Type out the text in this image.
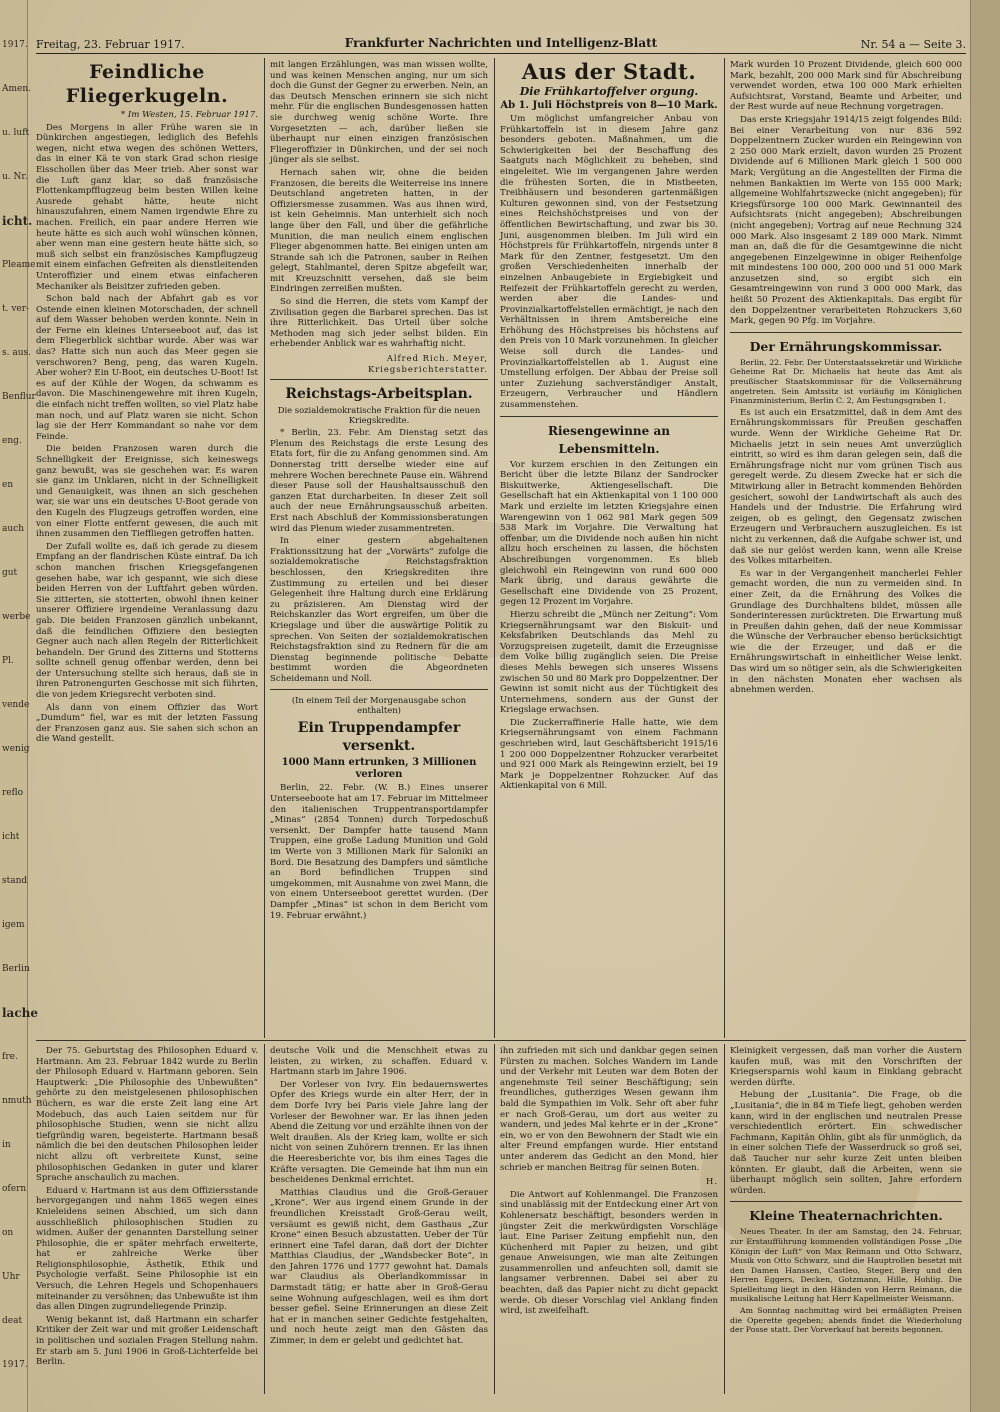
1917.
Amen.
u. luft
u. Nr.
icht.
Pleame
t. ver-
s. aus.
Benflur
eng.
en
auch
gut
werbe
Pl.
vende
wenig
reflo
icht
stand
igem
Berlin
lache
fre.
nmuth
in
ofern
on
Uhr
deat
1917.
Freitag, 23. Februar 1917.	Frankfurter Nachrichten und Intelligenz-Blatt	Nr. 54 a — Seite 3.
Feindliche Fliegerkugeln.
* Im Westen, 15. Februar 1917.

Des Morgens in aller Frühe waren sie in Dünkirchen angestiegen, lediglich des Befehls wegen, nicht etwa wegen des schönen Wetters, das in einer Kä te von stark Grad schon riesige Eisschollen über das Meer trieb. Aber sonst war die Luft ganz klar, so daß französische Flottenkampfflugzeug beim besten Willen keine Ausrede gehabt hätte, heute nicht hinauszufahren, einem Namen irgendwie Ehre zu machen. Freilich, ein paar andere Herren wie heute hätte es sich auch wohl wünschen können, aber wenn man eine gestern heute hätte sich, so muß sich selbst ein französisches Kampflugzeug mit einem einfachen Gefreiten als dienstleitenden Unteroffizier und einem etwas einfacheren Mechaniker als Beisitzer zufrieden geben.

Schon bald nach der Abfahrt gab es vor Ostende einen kleinen Motorschaden, der schnell auf dem Wasser behoben werden konnte. Nein in der Ferne ein kleines Unterseeboot auf, das ist dem Fliegerblick sichtbar wurde. Aber was war das? Hatte sich nun auch das Meer gegen sie verschworen? Beng, peng, das waren Kugeln. Aber woher? Ein U-Boot, ein deutsches U-Boot! Ist es auf der Kühle der Wogen, da schwamm es davon. Die Maschinengewehre mit ihren Kugeln, die einfach nicht treffen wollten, so viel Platz habe man noch, und auf Platz waren sie nicht. Schon lag sie der Herr Kommandant so nahe vor dem Feinde.

Die beiden Franzosen waren durch die Schnelligkeit der Ereignisse, sich keineswegs ganz bewußt, was sie geschehen war. Es waren sie ganz im Unklaren, nicht in der Schnelligkeit und Genauigkeit, was ihnen an sich geschehen war, sie war uns ein deutsches U-Boot gerade von den Kugeln des Flugzeugs getroffen worden, eine von einer Flotte entfernt gewesen, die auch mit ihnen zusammen den Tieffliegen getroffen hatten.

Der Zufall wollte es, daß ich gerade zu diesem Empfang an der flandrischen Küste eintraf. Da ich schon manchen frischen Kriegsgefangenen gesehen habe, war ich gespannt, wie sich diese beiden Herren von der Luftfahrt geben würden. Sie zitterten, sie stotterten, obwohl ihnen keiner unserer Offiziere irgendeine Veranlassung dazu gab. Die beiden Franzosen gänzlich unbekannt, daß die feindlichen Offiziere den besiegten Gegner auch nach allen Regeln der Ritterlichkeit behandeln. Der Grund des Zitterns und Stotterns sollte schnell genug offenbar werden, denn bei der Untersuchung stellte sich heraus, daß sie in ihren Patronengurten Geschosse mit sich führten, die von jedem Kriegsrecht verboten sind.

Als dann von einem Offizier das Wort „Dumdum“ fiel, war es mit der letzten Fassung der Franzosen ganz aus. Sie sahen sich schon an die Wand gestellt.

mit langen Erzählungen, was man wissen wollte, und was keinen Menschen anging, nur um sich doch die Gunst der Gegner zu erwerben. Nein, an das Deutsch Menschen erinnern sie sich nicht mehr. Für die englischen Bundesgenossen hatten sie durchweg wenig schöne Worte. Ihre Vorgesetzten — ach, darüber ließen sie überhaupt nur einen einzigen französischen Fliegeroffizier in Dünkirchen, und der sei noch jünger als sie selbst.

Hernach sahen wir, ohne die beiden Franzosen, die bereits die Weiterreise ins innere Deutschland angetreten hatten, in der Offiziersmesse zusammen. Was aus ihnen wird, ist kein Geheimnis. Man unterhielt sich noch lange über den Fall, und über die gefährliche Munition, die man neulich einem englischen Flieger abgenommen hatte. Bei einigen unten am Strande sah ich die Patronen, sauber in Reihen gelegt, Stahlmantel, deren Spitze abgefeilt war, mit Kreuzschnitt versehen, daß sie beim Eindringen zerreißen mußten.

So sind die Herren, die stets vom Kampf der Zivilisation gegen die Barbarei sprechen. Das ist ihre Ritterlichkeit. Das Urteil über solche Methoden mag sich jeder selbst bilden. Ein erhebender Anblick war es wahrhaftig nicht.

Alfred Rich. Meyer, Kriegsberichterstatter.
Reichstags-Arbeitsplan.
Die sozialdemokratische Fraktion für die neuen Kriegskredite.

* Berlin, 23. Febr. Am Dienstag setzt das Plenum des Reichstags die erste Lesung des Etats fort, für die zu Anfang genommen sind. Am Donnerstag tritt derselbe wieder eine auf mehrere Wochen berechnete Pause ein. Während dieser Pause soll der Haushaltsausschuß den ganzen Etat durcharbeiten. In dieser Zeit soll auch der neue Ernährungsausschuß arbeiten. Erst nach Abschluß der Kommissionsberatungen wird das Plenum wieder zusammentreten.

In einer gestern abgehaltenen Fraktionssitzung hat der „Vorwärts“ zufolge die sozialdemokratische Reichstagsfraktion beschlossen, den Kriegskrediten ihre Zustimmung zu erteilen und bei dieser Gelegenheit ihre Haltung durch eine Erklärung zu präzisieren. Am Dienstag wird der Reichskanzler das Wort ergreifen, um über die Kriegslage und über die auswärtige Politik zu sprechen. Von Seiten der sozialdemokratischen Reichstagsfraktion sind zu Rednern für die am Dienstag beginnende politische Debatte bestimmt worden die Abgeordneten Scheidemann und Noll.

(In einem Teil der Morgenausgabe schon enthalten)
Ein Truppendampfer versenkt.
1000 Mann ertrunken, 3 Millionen verloren

Berlin, 22. Febr. (W. B.) Eines unserer Unterseeboote hat am 17. Februar im Mittelmeer den italienischen Truppentransportdampfer „Minas“ (2854 Tonnen) durch Torpedoschuß versenkt. Der Dampfer hatte tausend Mann Truppen, eine große Ladung Munition und Gold im Werte von 3 Millionen Mark für Saloniki an Bord. Die Besatzung des Dampfers und sämtliche an Bord befindlichen Truppen sind umgekommen, mit Ausnahme von zwei Mann, die von einem Unterseeboot gerettet wurden. (Der Dampfer „Minas“ ist schon in dem Bericht vom 19. Februar erwähnt.)

Aus der Stadt.
Die Frühkartoffelver orgung.
Ab 1. Juli Höchstpreis von 8—10 Mark.

Um möglichst umfangreicher Anbau von Frühkartoffeln ist in diesem Jahre ganz besonders geboten. Maßnahmen, um die Schwierigkeiten bei der Beschaffung des Saatguts nach Möglichkeit zu beheben, sind eingeleitet. Wie im vergangenen Jahre werden die frühesten Sorten, die in Mistbeeten, Treibhäusern und besonderen gartenmäßigen Kulturen gewonnen sind, von der Festsetzung eines Reichshöchstpreises und von der öffentlichen Bewirtschaftung, und zwar bis 30. Juni, ausgenommen bleiben. Im Juli wird ein Höchstpreis für Frühkartoffeln, nirgends unter 8 Mark für den Zentner, festgesetzt. Um den großen Verschiedenheiten innerhalb der einzelnen Anbaugebiete in Ergiebigkeit und Reifezeit der Frühkartoffeln gerecht zu werden, werden aber die Landes- und Provinzialkartoffelstellen ermächtigt, je nach den Verhältnissen in ihrem Amtsbereiche eine Erhöhung des Höchstpreises bis höchstens auf den Preis von 10 Mark vorzunehmen. In gleicher Weise soll durch die Landes- und Provinzialkartoffelstellen ab 1. August eine Umstellung erfolgen. Der Abbau der Preise soll unter Zuziehung sachverständiger Anstalt, Erzeugern, Verbraucher und Händlern zusammenstehen.

Riesengewinne an Lebensmitteln.

Vor kurzem erschien in den Zeitungen ein Bericht über die letzte Bilanz der Sandrocker Biskuitwerke, Aktiengesellschaft. Die Gesellschaft hat ein Aktienkapital von 1 100 000 Mark und erzielte im letzten Kriegsjahre einen Warengewinn von 1 062 981 Mark gegen 509 538 Mark im Vorjahre. Die Verwaltung hat offenbar, um die Dividende noch außen hin nicht allzu hoch erscheinen zu lassen, die höchsten Abschreibungen vorgenommen. Es blieb gleichwohl ein Reingewinn von rund 600 000 Mark übrig, und daraus gewährte die Gesellschaft eine Dividende von 25 Prozent, gegen 12 Prozent im Vorjahre.

Hierzu schreibt die „Münch ner Zeitung“: Vom Kriegsernährungsamt war den Biskuit- und Keksfabriken Deutschlands das Mehl zu Vorzugspreisen zugeteilt, damit die Erzeugnisse dem Volke billig zugänglich seien. Die Preise dieses Mehls bewegen sich unseres Wissens zwischen 50 und 80 Mark pro Doppelzentner. Der Gewinn ist somit nicht aus der Tüchtigkeit des Unternehmens, sondern aus der Gunst der Kriegslage erwachsen.

Die Zuckerraffinerie Halle hatte, wie dem Kriegsernährungsamt von einem Fachmann geschrieben wird, laut Geschäftsbericht 1915/16 1 200 000 Doppelzentner Rohzucker verarbeitet und 921 000 Mark als Reingewinn erzielt, bei 19 Mark je Doppelzentner Rohzucker. Auf das Aktienkapital von 6 Mill.

Mark wurden 10 Prozent Dividende, gleich 600 000 Mark, bezahlt, 200 000 Mark sind für Abschreibung verwendet worden, etwa 100 000 Mark erhielten Aufsichtsrat, Vorstand, Beamte und Arbeiter, und der Rest wurde auf neue Rechnung vorgetragen.

Das erste Kriegsjahr 1914/15 zeigt folgendes Bild: Bei einer Verarbeitung von nur 836 592 Doppelzentnern Zucker wurden ein Reingewinn von 2 250 000 Mark erzielt, davon wurden 25 Prozent Dividende auf 6 Millionen Mark gleich 1 500 000 Mark; Vergütung an die Angestellten der Firma die nehmen Bankaktien im Werte von 155 000 Mark; allgemeine Wohlfahrtszwecke (nicht angegeben); für Kriegsfürsorge 100 000 Mark. Gewinnanteil des Aufsichtsrats (nicht angegeben); Abschreibungen (nicht angegeben); Vortrag auf neue Rechnung 324 000 Mark. Also insgesamt 2 189 000 Mark. Nimmt man an, daß die für die Gesamtgewinne die nicht angegebenen Einzelgewinne in obiger Reihenfolge mit mindestens 100 000, 200 000 und 51 000 Mark anzusetzen sind, so ergibt sich ein Gesamtreingewinn von rund 3 000 000 Mark, das heißt 50 Prozent des Aktienkapitals. Das ergibt für den Doppelzentner verarbeiteten Rohzuckers 3,60 Mark, gegen 90 Pfg. im Vorjahre.

Der Ernährungskommissar.

Berlin, 22. Febr. Der Unterstaatssekretär und Wirkliche Geheime Rat Dr. Michaelis hat heute das Amt als preußischer Staatskommissar für die Volksernährung angetreten. Sein Amtssitz ist vorläufig im Königlichen Finanzministerium, Berlin C. 2, Am Festungsgraben 1.

Es ist auch ein Ersatzmittel, daß in dem Amt des Ernährungskommissars für Preußen geschaffen wurde. Wenn der Wirkliche Geheime Rat Dr. Michaelis jetzt in sein neues Amt unverzüglich eintritt, so wird es ihm daran gelegen sein, daß die Ernährungsfrage nicht nur vom grünen Tisch aus geregelt werde. Zu diesem Zwecke hat er sich die Mitwirkung aller in Betracht kommenden Behörden gesichert, sowohl der Landwirtschaft als auch des Handels und der Industrie. Die Erfahrung wird zeigen, ob es gelingt, den Gegensatz zwischen Erzeugern und Verbrauchern auszugleichen. Es ist nicht zu verkennen, daß die Aufgabe schwer ist, und daß sie nur gelöst werden kann, wenn alle Kreise des Volkes mitarbeiten.

Es war in der Vergangenheit mancherlei Fehler gemacht worden, die nun zu vermeiden sind. In einer Zeit, da die Ernährung des Volkes die Grundlage des Durchhaltens bildet, müssen alle Sonderinteressen zurücktreten. Die Erwartung muß in Preußen dahin gehen, daß der neue Kommissar die Wünsche der Verbraucher ebenso berücksichtigt wie die der Erzeuger, und daß er die Ernährungswirtschaft in einheitlicher Weise lenkt. Das wird um so nötiger sein, als die Schwierigkeiten in den nächsten Monaten eher wachsen als abnehmen werden.

Der 75. Geburtstag des Philosophen Eduard v. Hartmann. Am 23. Februar 1842 wurde zu Berlin der Philosoph Eduard v. Hartmann geboren. Sein Hauptwerk: „Die Philosophie des Unbewußten“ gehörte zu den meistgelesenen philosophischen Büchern, es war die erste Zeit lang eine Art Modebuch, das auch Laien seitdem nur für philosophische Studien, wenn sie nicht allzu tiefgründig waren, begeisterte. Hartmann besaß nämlich die bei den deutschen Philosophen leider nicht allzu oft verbreitete Kunst, seine philosophischen Gedanken in guter und klarer Sprache anschaulich zu machen.

Eduard v. Hartmann ist aus dem Offiziersstande hervorgegangen und nahm 1865 wegen eines Knieleidens seinen Abschied, um sich dann ausschließlich philosophischen Studien zu widmen. Außer der genannten Darstellung seiner Philosophie, die er später mehrfach erweiterte, hat er zahlreiche Werke über Religionsphilosophie, Ästhetik, Ethik und Psychologie verfaßt. Seine Philosophie ist ein Versuch, die Lehren Hegels und Schopenhauers miteinander zu versöhnen; das Unbewußte ist ihm das allen Dingen zugrundeliegende Prinzip.

Wenig bekannt ist, daß Hartmann ein scharfer Kritiker der Zeit war und mit großer Leidenschaft in politischen und sozialen Fragen Stellung nahm. Er starb am 5. Juni 1906 in Groß-Lichterfelde bei Berlin.

deutsche Volk und die Menschheit etwas zu leisten, zu wirken, zu schaffen. Eduard v. Hartmann starb im Jahre 1906.

Der Vorleser von Ivry. Ein bedauernswertes Opfer des Kriegs wurde ein alter Herr, der in dem Dorfe Ivry bei Paris viele Jahre lang der Vorleser der Bewohner war. Er las ihnen jeden Abend die Zeitung vor und erzählte ihnen von der Welt draußen. Als der Krieg kam, wollte er sich nicht von seinen Zuhörern trennen. Er las ihnen die Heeresberichte vor, bis ihm eines Tages die Kräfte versagten. Die Gemeinde hat ihm nun ein bescheidenes Denkmal errichtet.

Matthias Claudius und die Groß-Gerauer „Krone“. Wer aus irgend einem Grunde in der freundlichen Kreisstadt Groß-Gerau weilt, versäumt es gewiß nicht, dem Gasthaus „Zur Krone“ einen Besuch abzustatten. Ueber der Tür erinnert eine Tafel daran, daß dort der Dichter Matthias Claudius, der „Wandsbecker Bote“, in den Jahren 1776 und 1777 gewohnt hat. Damals war Claudius als Oberlandkommissar in Darmstadt tätig; er hatte aber in Groß-Gerau seine Wohnung aufgeschlagen, weil es ihm dort besser gefiel. Seine Erinnerungen an diese Zeit hat er in manchen seiner Gedichte festgehalten, und noch heute zeigt man den Gästen das Zimmer, in dem er gelebt und gedichtet hat.

ihn zufrieden mit sich und dankbar gegen seinen Fürsten zu machen. Solches Wandern im Lande und der Verkehr mit Leuten war dem Boten der angenehmste Teil seiner Beschäftigung; sein freundliches, gutherziges Wesen gewann ihm bald die Sympathien im Volk. Sehr oft aber fuhr er nach Groß-Gerau, um dort aus weiter zu wandern, und jedes Mal kehrte er in der „Krone“ ein, wo er von den Bewohnern der Stadt wie ein alter Freund empfangen wurde. Hier entstand unter anderem das Gedicht an den Mond, hier schrieb er manchen Beitrag für seinen Boten.

H.

Die Antwort auf Kohlenmangel. Die Franzosen sind unablässig mit der Entdeckung einer Art von Kohlenersatz beschäftigt, besonders werden in jüngster Zeit die merkwürdigsten Vorschläge laut. Eine Pariser Zeitung empfiehlt nun, den Küchenherd mit Papier zu heizen, und gibt genaue Anweisungen, wie man alte Zeitungen zusammenrollen und anfeuchten soll, damit sie langsamer verbrennen. Dabei sei aber zu beachten, daß das Papier nicht zu dicht gepackt werde. Ob dieser Vorschlag viel Anklang finden wird, ist zweifelhaft.

Kleinigkeit vergessen, daß man vorher die Austern kaufen muß, was mit den Vorschriften der Kriegsersparnis wohl kaum in Einklang gebracht werden dürfte.

Hebung der „Lusitania“. Die Frage, ob die „Lusitania“, die in 84 m Tiefe liegt, gehoben werden kann, wird in der englischen und neutralen Presse verschiedentlich erörtert. Ein schwedischer Fachmann, Kapitän Ohlin, gibt als für unmöglich, da in einer solchen Tiefe der Wasserdruck so groß sei, daß Taucher nur sehr kurze Zeit unten bleiben könnten. Er glaubt, daß die Arbeiten, wenn sie überhaupt möglich sein sollten, Jahre erfordern würden.

Kleine Theaternachrichten.

Neues Theater. In der am Samstag, den 24. Februar, zur Erstaufführung kommenden vollständigen Posse „Die Königin der Luft“ von Max Reimann und Otto Schwarz, Musik von Otto Schwarz, sind die Hauptrollen besetzt mit den Damen Hanssen, Castleo, Steger, Berg und den Herren Eggers, Decken, Gotzmann, Hille, Hohlig. Die Spielleitung liegt in den Händen von Herrn Reimann, die musikalische Leitung hat Herr Kapellmeister Weismann.

Am Sonntag nachmittag wird bei ermäßigten Preisen die Operette gegeben; abends findet die Wiederholung der Posse statt. Der Vorverkauf hat bereits begonnen.
